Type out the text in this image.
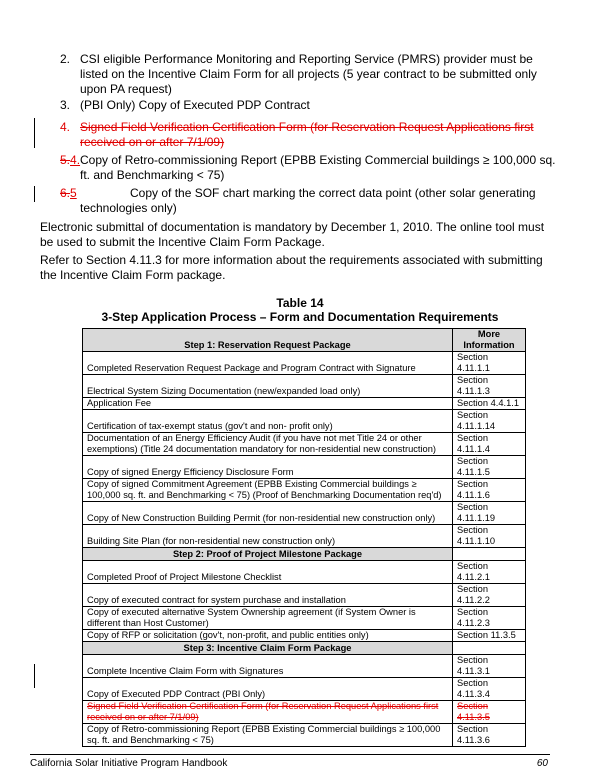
2. CSI eligible Performance Monitoring and Reporting Service (PMRS) provider must be listed on the Incentive Claim Form for all projects (5 year contract to be submitted only upon PA request)
3. (PBI Only) Copy of Executed PDP Contract
4. Signed Field Verification Certification Form (for Reservation Request Applications first received on or after 7/1/09)
5.4. Copy of Retro-commissioning Report (EPBB Existing Commercial buildings ≥ 100,000 sq. ft. and Benchmarking < 75)
6.5	Copy of the SOF chart marking the correct data point (other solar generating technologies only)
Electronic submittal of documentation is mandatory by December 1, 2010. The online tool must be used to submit the Incentive Claim Form Package.
Refer to Section 4.11.3 for more information about the requirements associated with submitting the Incentive Claim Form package.
Table 14
3-Step Application Process – Form and Documentation Requirements
Step 1: Reservation Request Package	More Information
Completed Reservation Request Package and Program Contract with Signature	Section 4.11.1.1
Electrical System Sizing Documentation (new/expanded load only)	Section 4.11.1.3
Application Fee	Section 4.4.1.1
Certification of tax-exempt status (gov't and non- profit only)	Section 4.11.1.14
Documentation of an Energy Efficiency Audit (if you have not met Title 24 or other exemptions) (Title 24 documentation mandatory for non-residential new construction)	Section 4.11.1.4
Copy of signed Energy Efficiency Disclosure Form	Section 4.11.1.5
Copy of signed Commitment Agreement (EPBB Existing Commercial buildings ≥ 100,000 sq. ft. and Benchmarking < 75) (Proof of Benchmarking Documentation req'd)	Section 4.11.1.6
Copy of New Construction Building Permit (for non-residential new construction only)	Section 4.11.1.19
Building Site Plan (for non-residential new construction only)	Section 4.11.1.10
Step 2: Proof of Project Milestone Package	
Completed Proof of Project Milestone Checklist	Section 4.11.2.1
Copy of executed contract for system purchase and installation	Section 4.11.2.2
Copy of executed alternative System Ownership agreement (if System Owner is different than Host Customer)	Section 4.11.2.3
Copy of RFP or solicitation (gov't, non-profit, and public entities only)	Section 11.3.5
Step 3: Incentive Claim Form Package	
Complete Incentive Claim Form with Signatures	Section 4.11.3.1
Copy of Executed PDP Contract (PBI Only)	Section 4.11.3.4
Signed Field Verification Certification Form (for Reservation Request Applications first received on or after 7/1/09)	Section 4.11.3.5
Copy of Retro-commissioning Report (EPBB Existing Commercial buildings ≥ 100,000 sq. ft. and Benchmarking < 75)	Section 4.11.3.6
California Solar Initiative Program Handbook	60
